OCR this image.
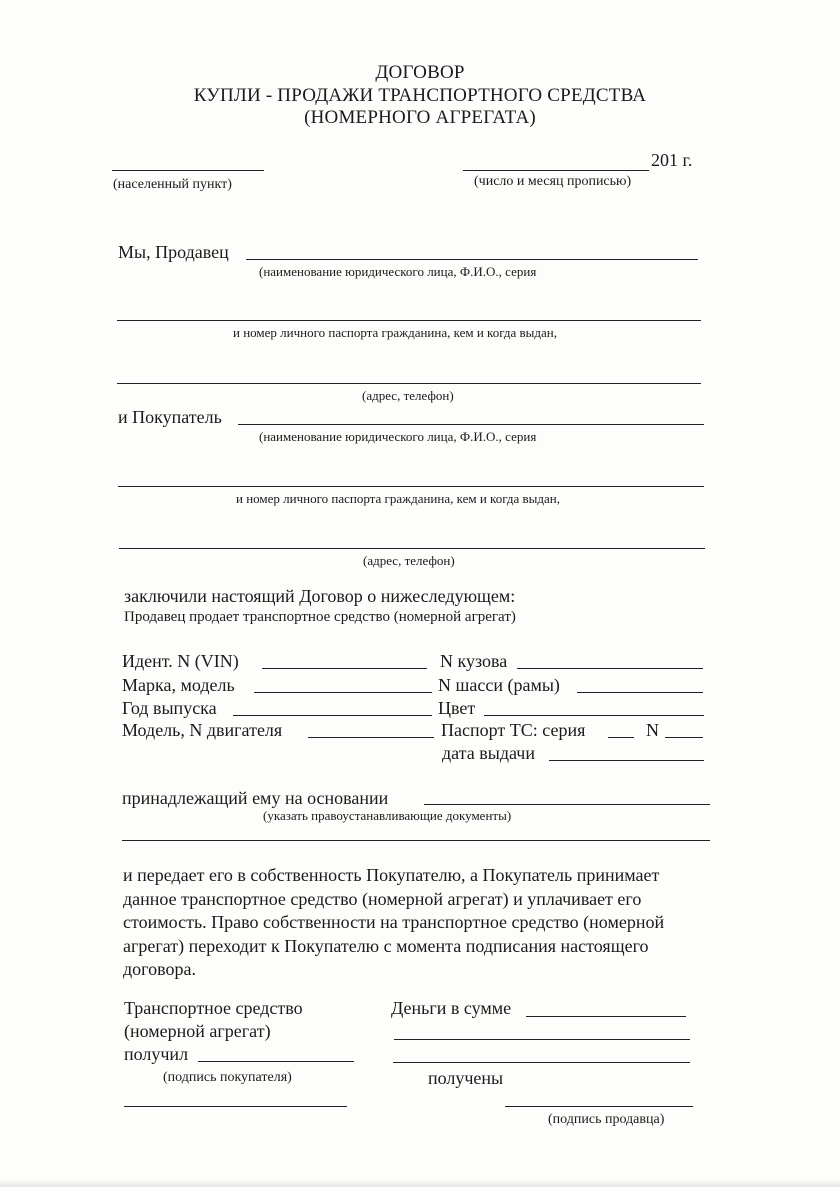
ДОГОВОР
КУПЛИ - ПРОДАЖИ ТРАНСПОРТНОГО СРЕДСТВА
(НОМЕРНОГО АГРЕГАТА)
201 г.
(населенный пункт)	(число и месяц прописью)
Мы, Продавец
(наименование юридического лица, Ф.И.О., серия
и номер личного паспорта гражданина, кем и когда выдан,
(адрес, телефон)
и Покупатель
(наименование юридического лица, Ф.И.О., серия
и номер личного паспорта гражданина, кем и когда выдан,
(адрес, телефон)
заключили настоящий Договор о нижеследующем:
Продавец продает транспортное средство (номерной агрегат)
Идент. N (VIN)	N кузова
Марка, модель	N шасси (рамы)
Год выпуска	Цвет
Модель, N двигателя	Паспорт ТС: серия	N
дата выдачи
принадлежащий ему на основании
(указать правоустанавливающие документы)
и передает его в собственность Покупателю, а Покупатель принимает данное транспортное средство (номерной агрегат) и уплачивает его стоимость. Право собственности на транспортное средство (номерной агрегат) переходит к Покупателю с момента подписания настоящего договора.
Транспортное средство
(номерной агрегат)
получил
(подпись покупателя)
Деньги в сумме
получены
(подпись продавца)
